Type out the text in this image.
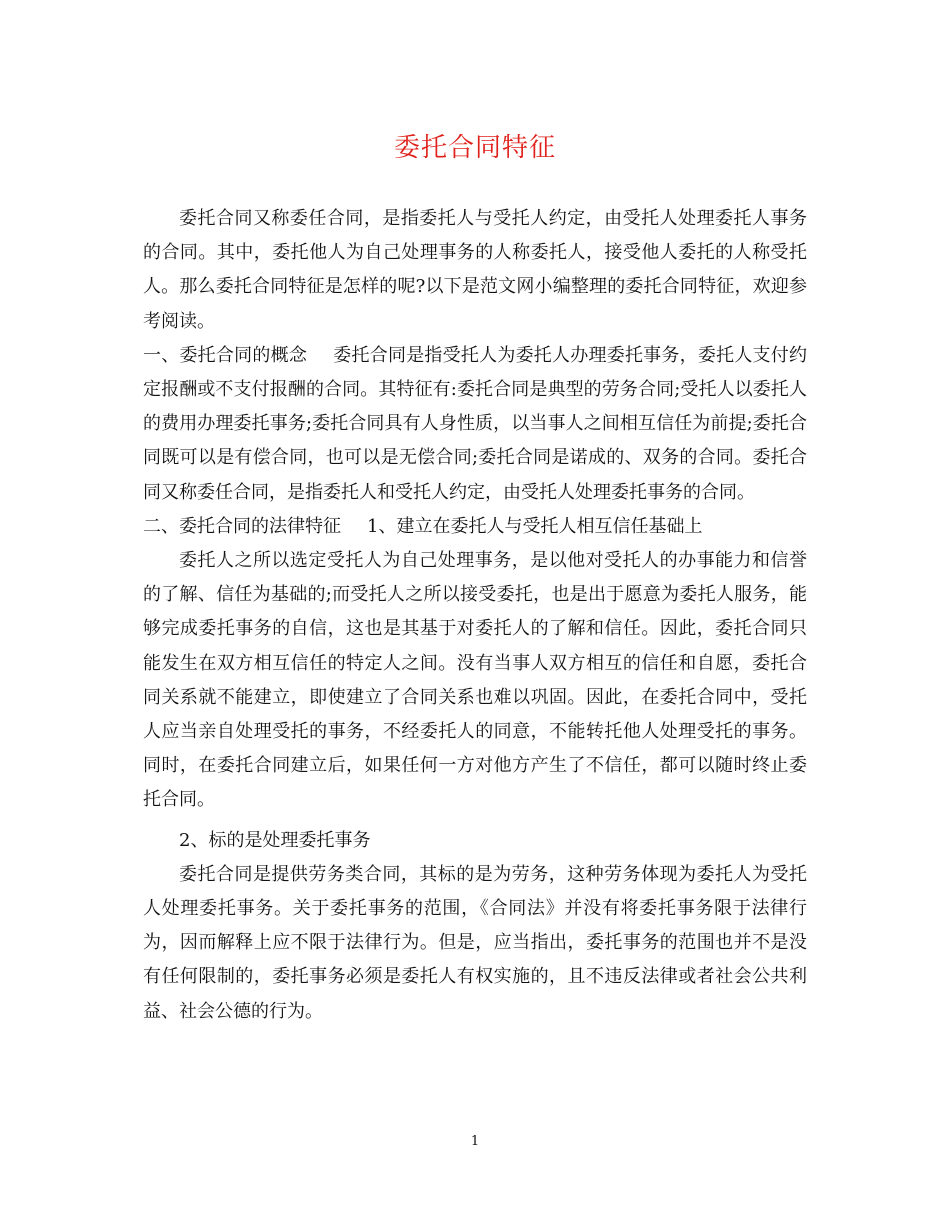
委托合同特征

委托合同又称委任合同，是指委托人与受托人约定，由受托人处理委托人事务的合同。其中，委托他人为自己处理事务的人称委托人，接受他人委托的人称受托人。那么委托合同特征是怎样的呢?以下是范文网小编整理的委托合同特征，欢迎参考阅读。

一、委托合同的概念 委托合同是指受托人为委托人办理委托事务，委托人支付约定报酬或不支付报酬的合同。其特征有:委托合同是典型的劳务合同;受托人以委托人的费用办理委托事务;委托合同具有人身性质，以当事人之间相互信任为前提;委托合同既可以是有偿合同，也可以是无偿合同;委托合同是诺成的、双务的合同。委托合同又称委任合同，是指委托人和受托人约定，由受托人处理委托事务的合同。

二、委托合同的法律特征 1、建立在委托人与受托人相互信任基础上

委托人之所以选定受托人为自己处理事务，是以他对受托人的办事能力和信誉的了解、信任为基础的;而受托人之所以接受委托，也是出于愿意为委托人服务，能够完成委托事务的自信，这也是其基于对委托人的了解和信任。因此，委托合同只能发生在双方相互信任的特定人之间。没有当事人双方相互的信任和自愿，委托合同关系就不能建立，即使建立了合同关系也难以巩固。因此，在委托合同中，受托人应当亲自处理受托的事务，不经委托人的同意，不能转托他人处理受托的事务。同时，在委托合同建立后，如果任何一方对他方产生了不信任，都可以随时终止委托合同。

2、标的是处理委托事务

委托合同是提供劳务类合同，其标的是为劳务，这种劳务体现为委托人为受托人处理委托事务。关于委托事务的范围，《合同法》并没有将委托事务限于法律行为，因而解释上应不限于法律行为。但是，应当指出，委托事务的范围也并不是没有任何限制的，委托事务必须是委托人有权实施的，且不违反法律或者社会公共利益、社会公德的行为。

1
